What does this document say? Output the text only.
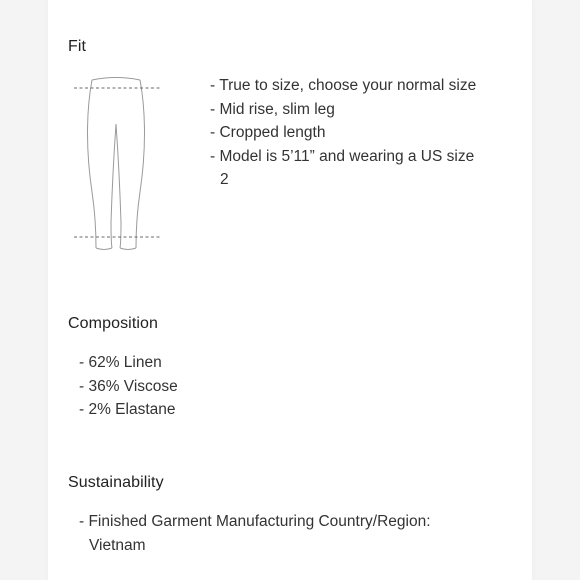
Fit
- True to size, choose your normal size
- Mid rise, slim leg
- Cropped length
- Model is 5’11” and wearing a US size
2
Composition
- 62% Linen
- 36% Viscose
- 2% Elastane
Sustainability
- Finished Garment Manufacturing Country/Region:
Vietnam
